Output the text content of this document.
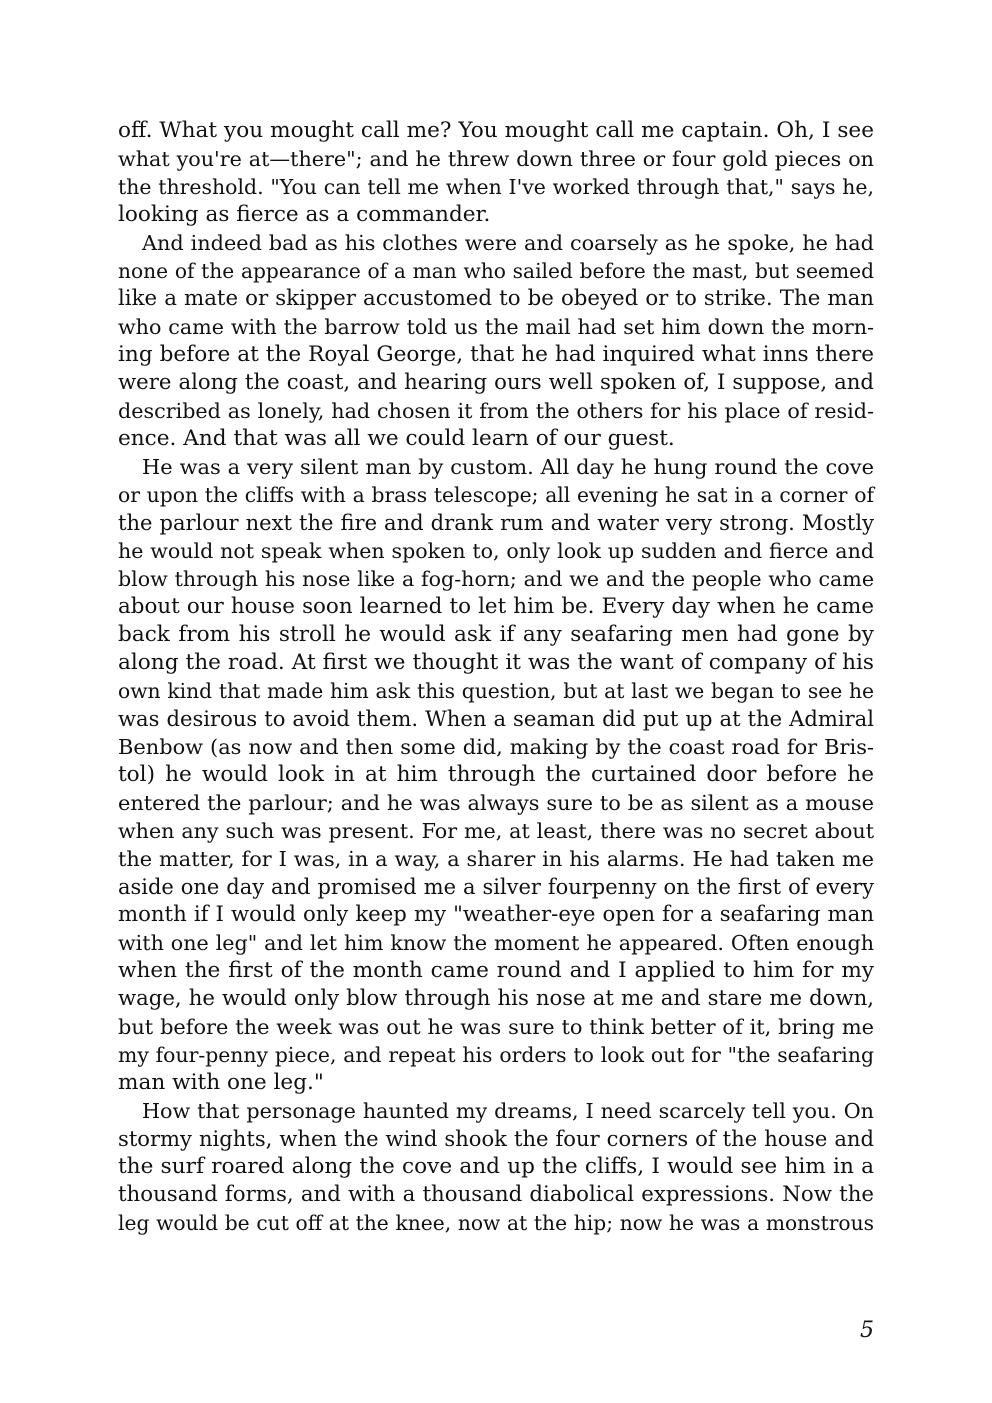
off. What you mought call me? You mought call me captain. Oh, I see
what you're at—there"; and he threw down three or four gold pieces on
the threshold. "You can tell me when I've worked through that," says he,
looking as fierce as a commander.
And indeed bad as his clothes were and coarsely as he spoke, he had
none of the appearance of a man who sailed before the mast, but seemed
like a mate or skipper accustomed to be obeyed or to strike. The man
who came with the barrow told us the mail had set him down the morn-
ing before at the Royal George, that he had inquired what inns there
were along the coast, and hearing ours well spoken of, I suppose, and
described as lonely, had chosen it from the others for his place of resid-
ence. And that was all we could learn of our guest.
He was a very silent man by custom. All day he hung round the cove
or upon the cliffs with a brass telescope; all evening he sat in a corner of
the parlour next the fire and drank rum and water very strong. Mostly
he would not speak when spoken to, only look up sudden and fierce and
blow through his nose like a fog-horn; and we and the people who came
about our house soon learned to let him be. Every day when he came
back from his stroll he would ask if any seafaring men had gone by
along the road. At first we thought it was the want of company of his
own kind that made him ask this question, but at last we began to see he
was desirous to avoid them. When a seaman did put up at the Admiral
Benbow (as now and then some did, making by the coast road for Bris-
tol) he would look in at him through the curtained door before he
entered the parlour; and he was always sure to be as silent as a mouse
when any such was present. For me, at least, there was no secret about
the matter, for I was, in a way, a sharer in his alarms. He had taken me
aside one day and promised me a silver fourpenny on the first of every
month if I would only keep my "weather-eye open for a seafaring man
with one leg" and let him know the moment he appeared. Often enough
when the first of the month came round and I applied to him for my
wage, he would only blow through his nose at me and stare me down,
but before the week was out he was sure to think better of it, bring me
my four-penny piece, and repeat his orders to look out for "the seafaring
man with one leg."
How that personage haunted my dreams, I need scarcely tell you. On
stormy nights, when the wind shook the four corners of the house and
the surf roared along the cove and up the cliffs, I would see him in a
thousand forms, and with a thousand diabolical expressions. Now the
leg would be cut off at the knee, now at the hip; now he was a monstrous
5
